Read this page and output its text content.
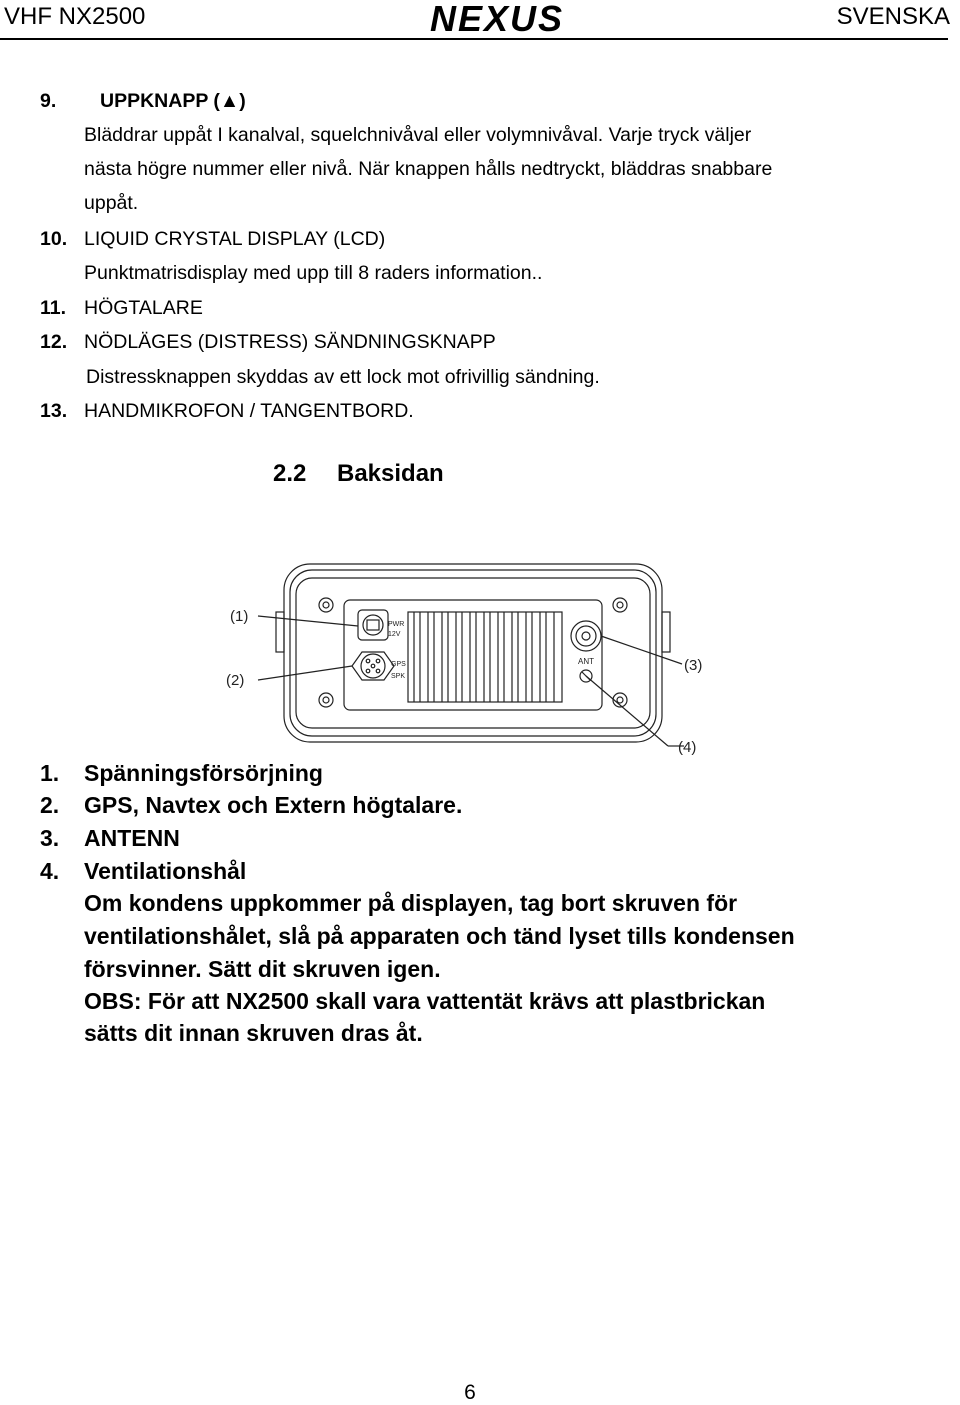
VHF NX2500	NEXUS	SVENSKA
9. UPPKNAPP (▲)
Bläddrar uppåt I kanalval, squelchnivåval eller volymnivåval. Varje tryck väljer
nästa högre nummer eller nivå. När knappen hålls nedtryckt, bläddras snabbare
uppåt.
10. LIQUID CRYSTAL DISPLAY (LCD)
Punktmatrisdisplay med upp till 8 raders information..
11. HÖGTALARE
12. NÖDLÄGES (DISTRESS) SÄNDNINGSKNAPP
Distressknappen skyddas av ett lock mot ofrivillig sändning.
13. HANDMIKROFON / TANGENTBORD.
2.2 Baksidan
(1)
(2)
(3)
(4)
PWR
12V
GPS
SPK
ANT
1. Spänningsförsörjning
2. GPS, Navtex och Extern högtalare.
3. ANTENN
4. Ventilationshål
Om kondens uppkommer på displayen, tag bort skruven för
ventilationshålet, slå på apparaten och tänd lyset tills kondensen
försvinner. Sätt dit skruven igen.
OBS: För att NX2500 skall vara vattentät krävs att plastbrickan
sätts dit innan skruven dras åt.
6
